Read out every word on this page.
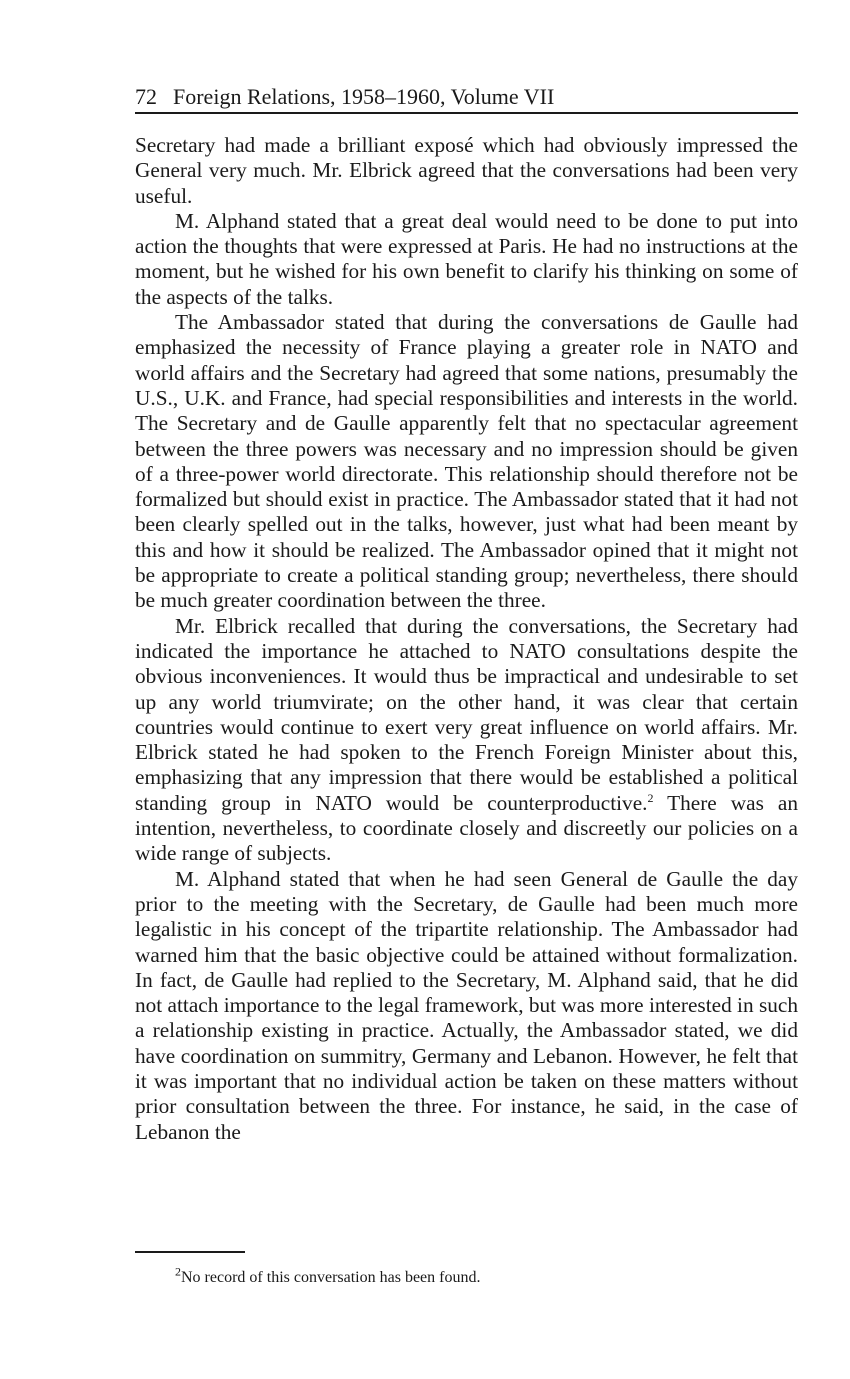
72 Foreign Relations, 1958–1960, Volume VII

Secretary had made a brilliant exposé which had obviously impressed the General very much. Mr. Elbrick agreed that the conversations had been very useful.

M. Alphand stated that a great deal would need to be done to put into action the thoughts that were expressed at Paris. He had no instructions at the moment, but he wished for his own benefit to clarify his thinking on some of the aspects of the talks.

The Ambassador stated that during the conversations de Gaulle had emphasized the necessity of France playing a greater role in NATO and world affairs and the Secretary had agreed that some nations, presumably the U.S., U.K. and France, had special responsibilities and interests in the world. The Secretary and de Gaulle apparently felt that no spectacular agreement between the three powers was necessary and no impression should be given of a three-power world directorate. This relationship should therefore not be formalized but should exist in practice. The Ambassador stated that it had not been clearly spelled out in the talks, however, just what had been meant by this and how it should be realized. The Ambassador opined that it might not be appropriate to create a political standing group; nevertheless, there should be much greater coordination between the three.

Mr. Elbrick recalled that during the conversations, the Secretary had indicated the importance he attached to NATO consultations despite the obvious inconveniences. It would thus be impractical and undesirable to set up any world triumvirate; on the other hand, it was clear that certain countries would continue to exert very great influence on world affairs. Mr. Elbrick stated he had spoken to the French Foreign Minister about this, emphasizing that any impression that there would be established a political standing group in NATO would be counterproductive.$^2$ There was an intention, nevertheless, to coordinate closely and discreetly our policies on a wide range of subjects.

M. Alphand stated that when he had seen General de Gaulle the day prior to the meeting with the Secretary, de Gaulle had been much more legalistic in his concept of the tripartite relationship. The Ambassador had warned him that the basic objective could be attained without formalization. In fact, de Gaulle had replied to the Secretary, M. Alphand said, that he did not attach importance to the legal framework, but was more interested in such a relationship existing in practice. Actually, the Ambassador stated, we did have coordination on summitry, Germany and Lebanon. However, he felt that it was important that no individual action be taken on these matters without prior consultation between the three. For instance, he said, in the case of Lebanon the

$^2$No record of this conversation has been found.
